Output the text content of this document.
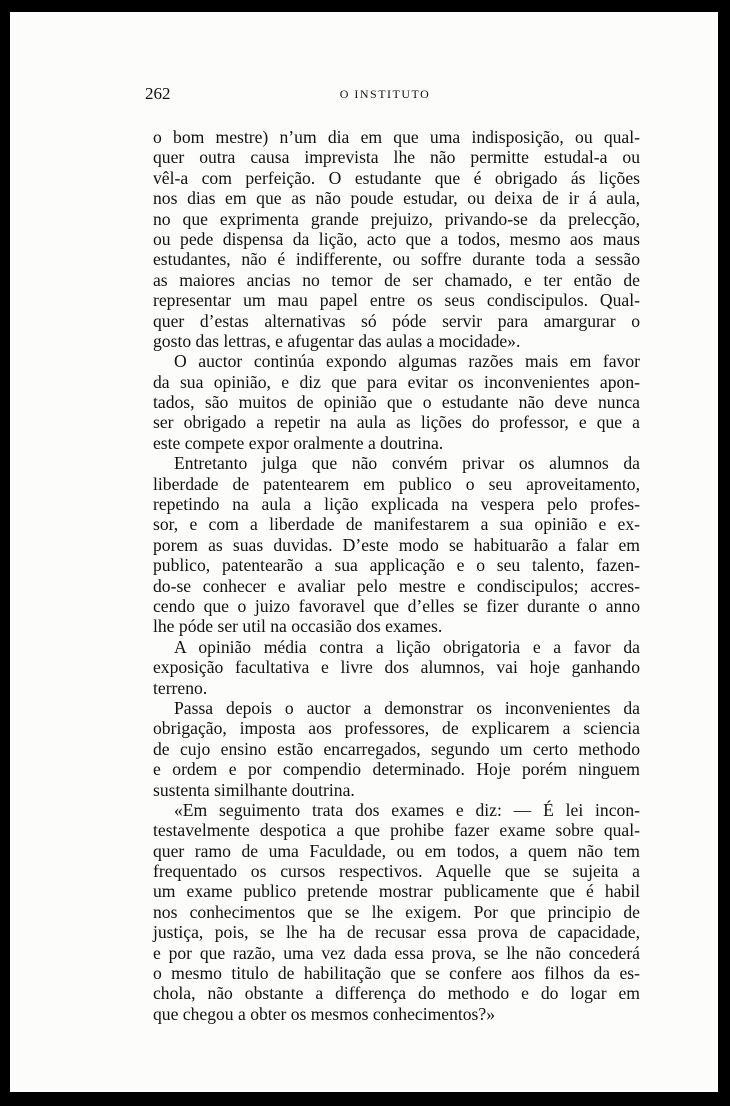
262	O INSTITUTO
o bom mestre) n’um dia em que uma indisposição, ou qual-
quer outra causa imprevista lhe não permitte estudal-a ou
vêl-a com perfeição. O estudante que é obrigado ás lições
nos dias em que as não poude estudar, ou deixa de ir á aula,
no que exprimenta grande prejuizo, privando-se da prelecção,
ou pede dispensa da lição, acto que a todos, mesmo aos maus
estudantes, não é indifferente, ou soffre durante toda a sessão
as maiores ancias no temor de ser chamado, e ter então de
representar um mau papel entre os seus condiscipulos. Qual-
quer d’estas alternativas só póde servir para amargurar o
gosto das lettras, e afugentar das aulas a mocidade».
O auctor continúa expondo algumas razões mais em favor
da sua opinião, e diz que para evitar os inconvenientes apon-
tados, são muitos de opinião que o estudante não deve nunca
ser obrigado a repetir na aula as lições do professor, e que a
este compete expor oralmente a doutrina.
Entretanto julga que não convém privar os alumnos da
liberdade de patentearem em publico o seu aproveitamento,
repetindo na aula a lição explicada na vespera pelo profes-
sor, e com a liberdade de manifestarem a sua opinião e ex-
porem as suas duvidas. D’este modo se habituarão a falar em
publico, patentearão a sua applicação e o seu talento, fazen-
do-se conhecer e avaliar pelo mestre e condiscipulos; accres-
cendo que o juizo favoravel que d’elles se fizer durante o anno
lhe póde ser util na occasião dos exames.
A opinião média contra a lição obrigatoria e a favor da
exposição facultativa e livre dos alumnos, vai hoje ganhando
terreno.
Passa depois o auctor a demonstrar os inconvenientes da
obrigação, imposta aos professores, de explicarem a sciencia
de cujo ensino estão encarregados, segundo um certo methodo
e ordem e por compendio determinado. Hoje porém ninguem
sustenta similhante doutrina.
«Em seguimento trata dos exames e diz: — É lei incon-
testavelmente despotica a que prohibe fazer exame sobre qual-
quer ramo de uma Faculdade, ou em todos, a quem não tem
frequentado os cursos respectivos. Aquelle que se sujeita a
um exame publico pretende mostrar publicamente que é habil
nos conhecimentos que se lhe exigem. Por que principio de
justiça, pois, se lhe ha de recusar essa prova de capacidade,
e por que razão, uma vez dada essa prova, se lhe não concederá
o mesmo titulo de habilitação que se confere aos filhos da es-
chola, não obstante a differença do methodo e do logar em
que chegou a obter os mesmos conhecimentos?»
